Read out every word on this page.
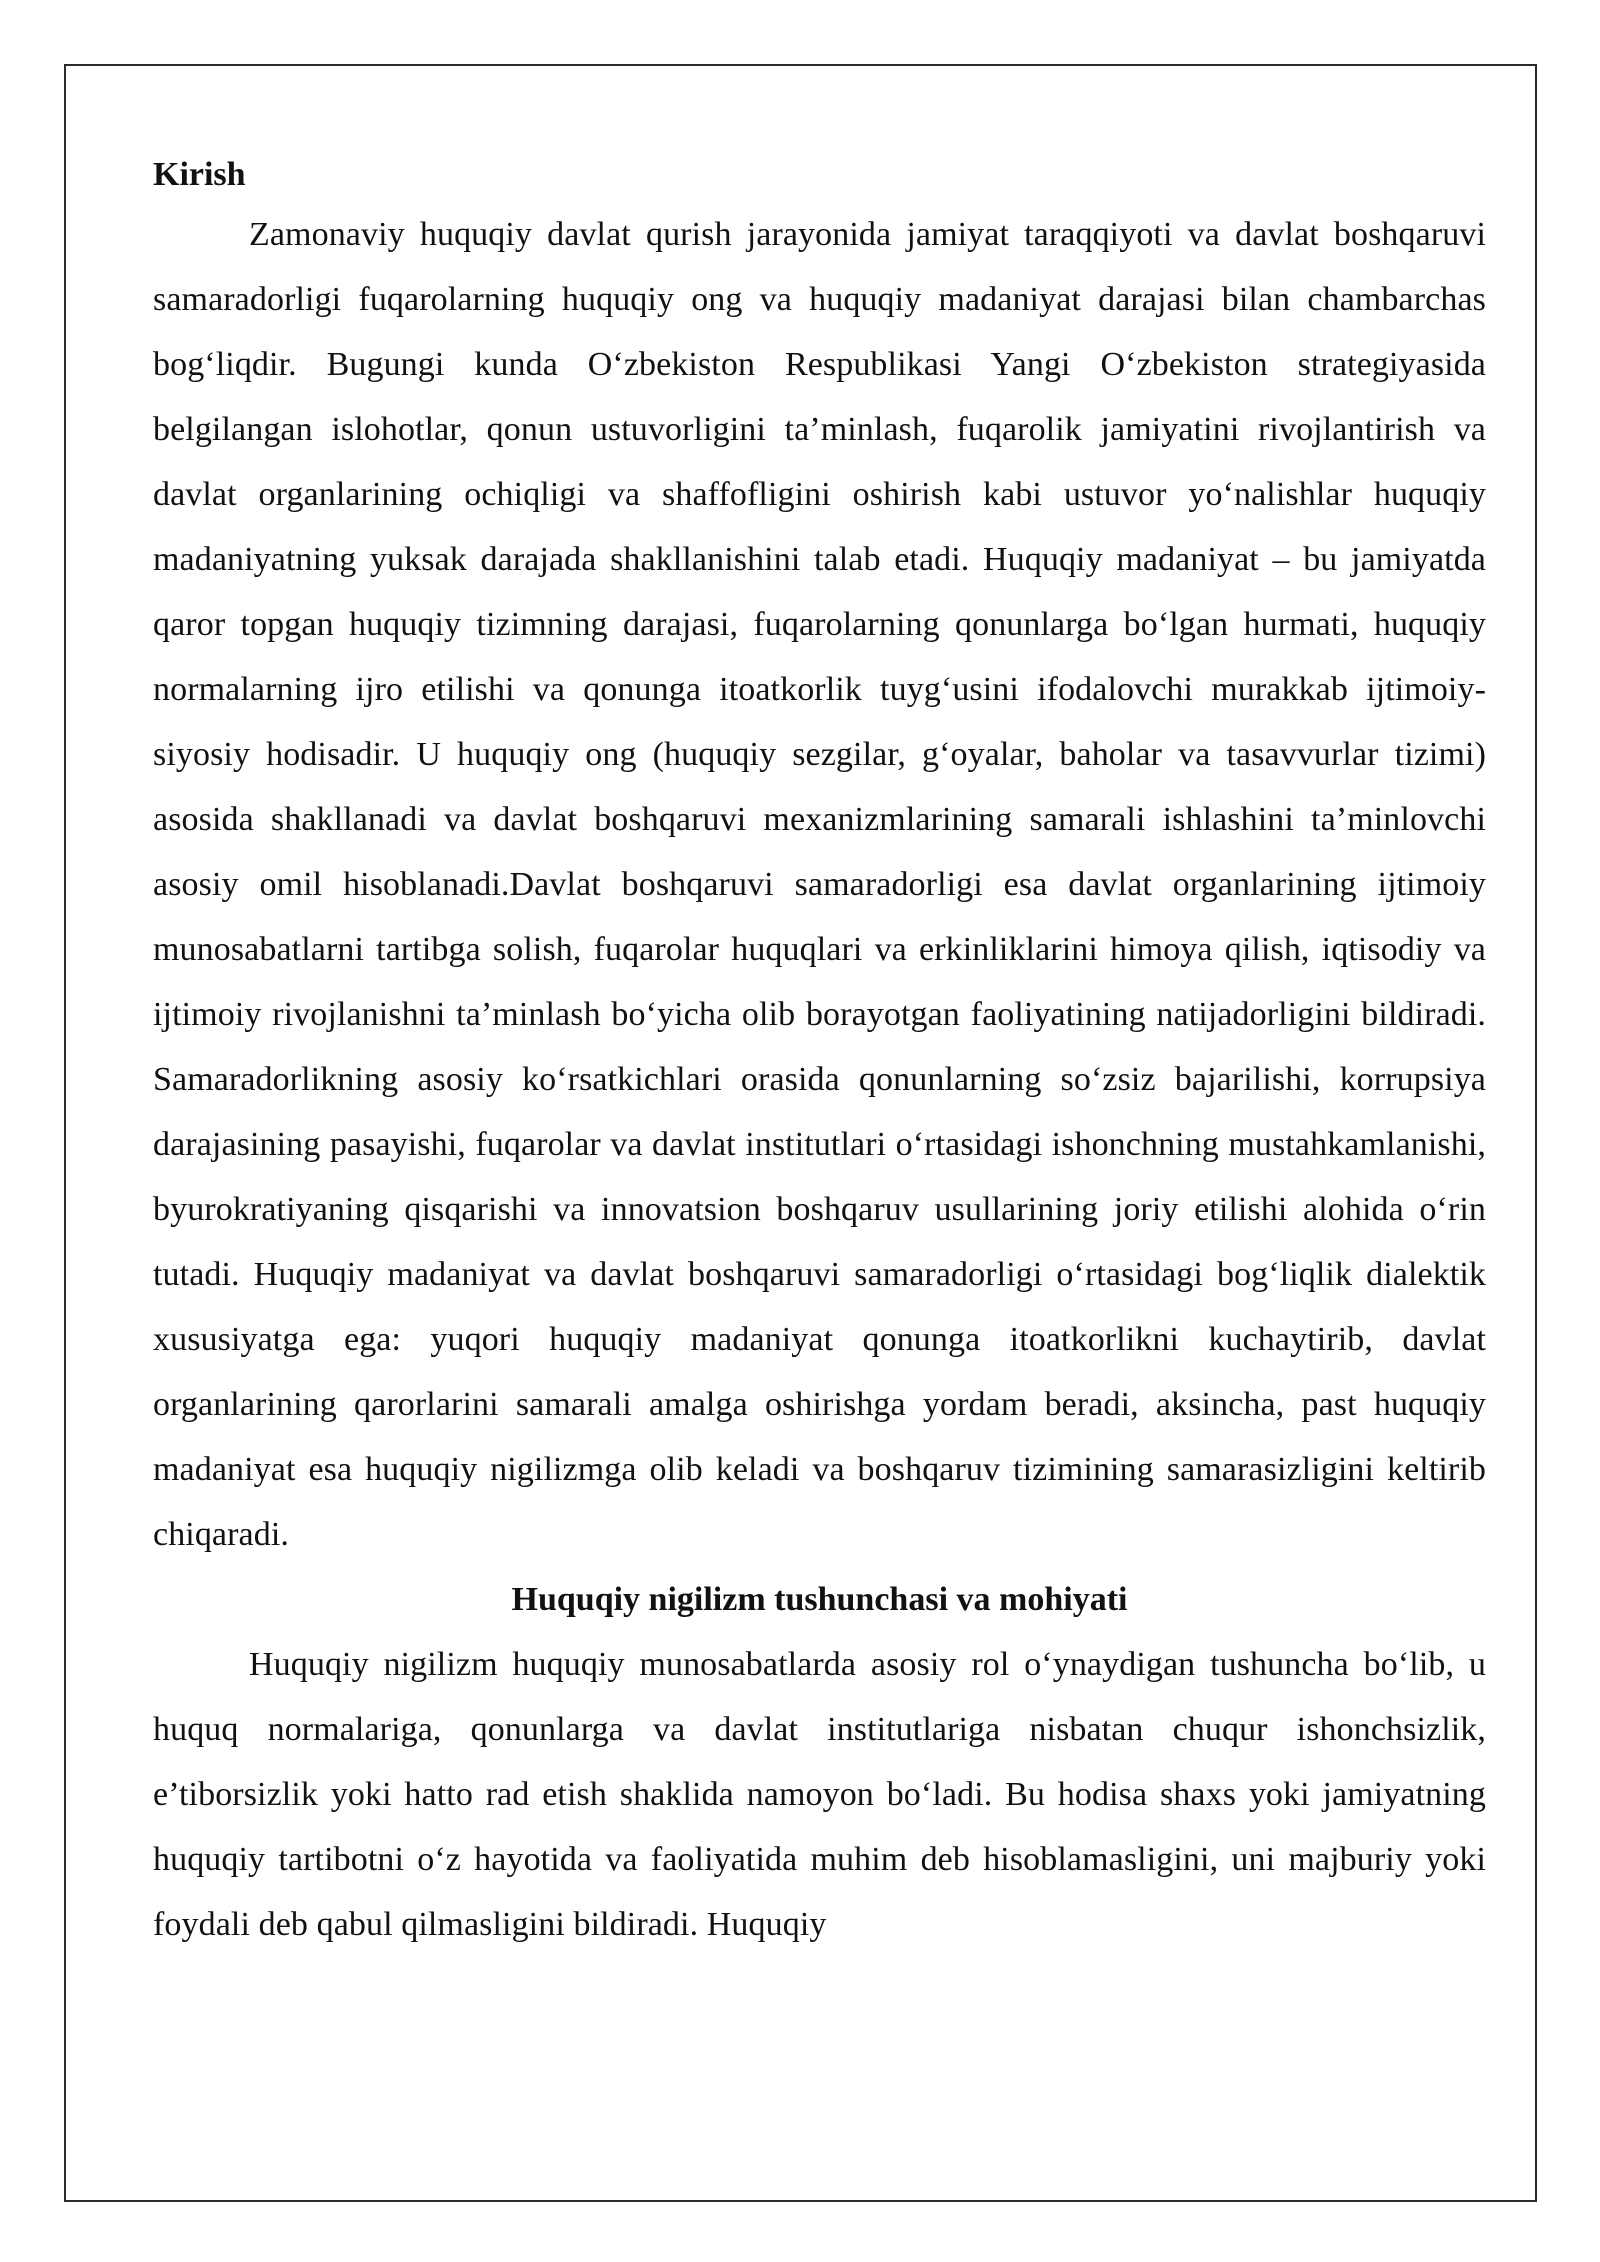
Kirish

Zamonaviy huquqiy davlat qurish jarayonida jamiyat taraqqiyoti va davlat boshqaruvi samaradorligi fuqarolarning huquqiy ong va huquqiy madaniyat darajasi bilan chambarchas bog‘liqdir. Bugungi kunda O‘zbekiston Respublikasi Yangi O‘zbekiston strategiyasida belgilangan islohotlar, qonun ustuvorligini ta’minlash, fuqarolik jamiyatini rivojlantirish va davlat organlarining ochiqligi va shaffofligini oshirish kabi ustuvor yo‘nalishlar huquqiy madaniyatning yuksak darajada shakllanishini talab etadi. Huquqiy madaniyat – bu jamiyatda qaror topgan huquqiy tizimning darajasi, fuqarolarning qonunlarga bo‘lgan hurmati, huquqiy normalarning ijro etilishi va qonunga itoatkorlik tuyg‘usini ifodalovchi murakkab ijtimoiy-siyosiy hodisadir. U huquqiy ong (huquqiy sezgilar, g‘oyalar, baholar va tasavvurlar tizimi) asosida shakllanadi va davlat boshqaruvi mexanizmlarining samarali ishlashini ta’minlovchi asosiy omil hisoblanadi.Davlat boshqaruvi samaradorligi esa davlat organlarining ijtimoiy munosabatlarni tartibga solish, fuqarolar huquqlari va erkinliklarini himoya qilish, iqtisodiy va ijtimoiy rivojlanishni ta’minlash bo‘yicha olib borayotgan faoliyatining natijadorligini bildiradi. Samaradorlikning asosiy ko‘rsatkichlari orasida qonunlarning so‘zsiz bajarilishi, korrupsiya darajasining pasayishi, fuqarolar va davlat institutlari o‘rtasidagi ishonchning mustahkamlanishi, byurokratiyaning qisqarishi va innovatsion boshqaruv usullarining joriy etilishi alohida o‘rin tutadi. Huquqiy madaniyat va davlat boshqaruvi samaradorligi o‘rtasidagi bog‘liqlik dialektik xususiyatga ega: yuqori huquqiy madaniyat qonunga itoatkorlikni kuchaytirib, davlat organlarining qarorlarini samarali amalga oshirishga yordam beradi, aksincha, past huquqiy madaniyat esa huquqiy nigilizmga olib keladi va boshqaruv tizimining samarasizligini keltirib chiqaradi.

Huquqiy nigilizm tushunchasi va mohiyati

Huquqiy nigilizm huquqiy munosabatlarda asosiy rol o‘ynaydigan tushuncha bo‘lib, u huquq normalariga, qonunlarga va davlat institutlariga nisbatan chuqur ishonchsizlik, e’tiborsizlik yoki hatto rad etish shaklida namoyon bo‘ladi. Bu hodisa shaxs yoki jamiyatning huquqiy tartibotni o‘z hayotida va faoliyatida muhim deb hisoblamasligini, uni majburiy yoki foydali deb qabul qilmasligini bildiradi. Huquqiy
